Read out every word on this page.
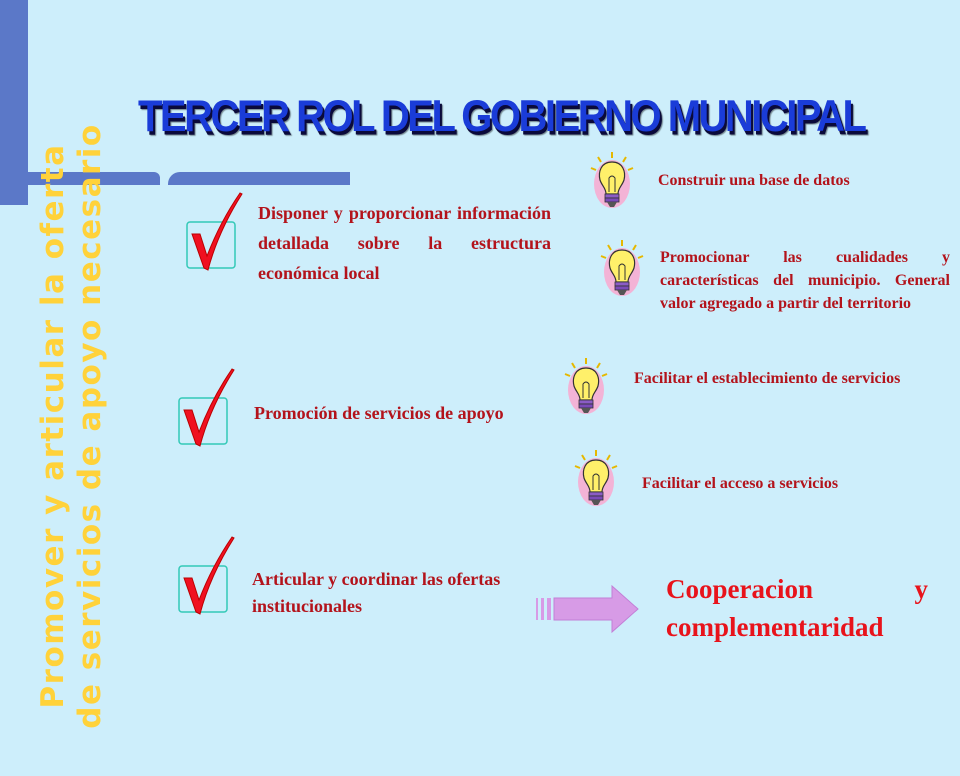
Promover y articular la oferta de servicios de apoyo necesario
TERCER ROL DEL GOBIERNO MUNICIPAL
Disponer y proporcionar información detallada sobre la estructura económica local
Promoción de servicios de apoyo
Articular y coordinar las ofertas institucionales
Construir una base de datos
Promocionar las cualidades y características del municipio. General valor agregado a partir del territorio
Facilitar el establecimiento de servicios
Facilitar el acceso a servicios
Cooperacion	y
complementaridad
